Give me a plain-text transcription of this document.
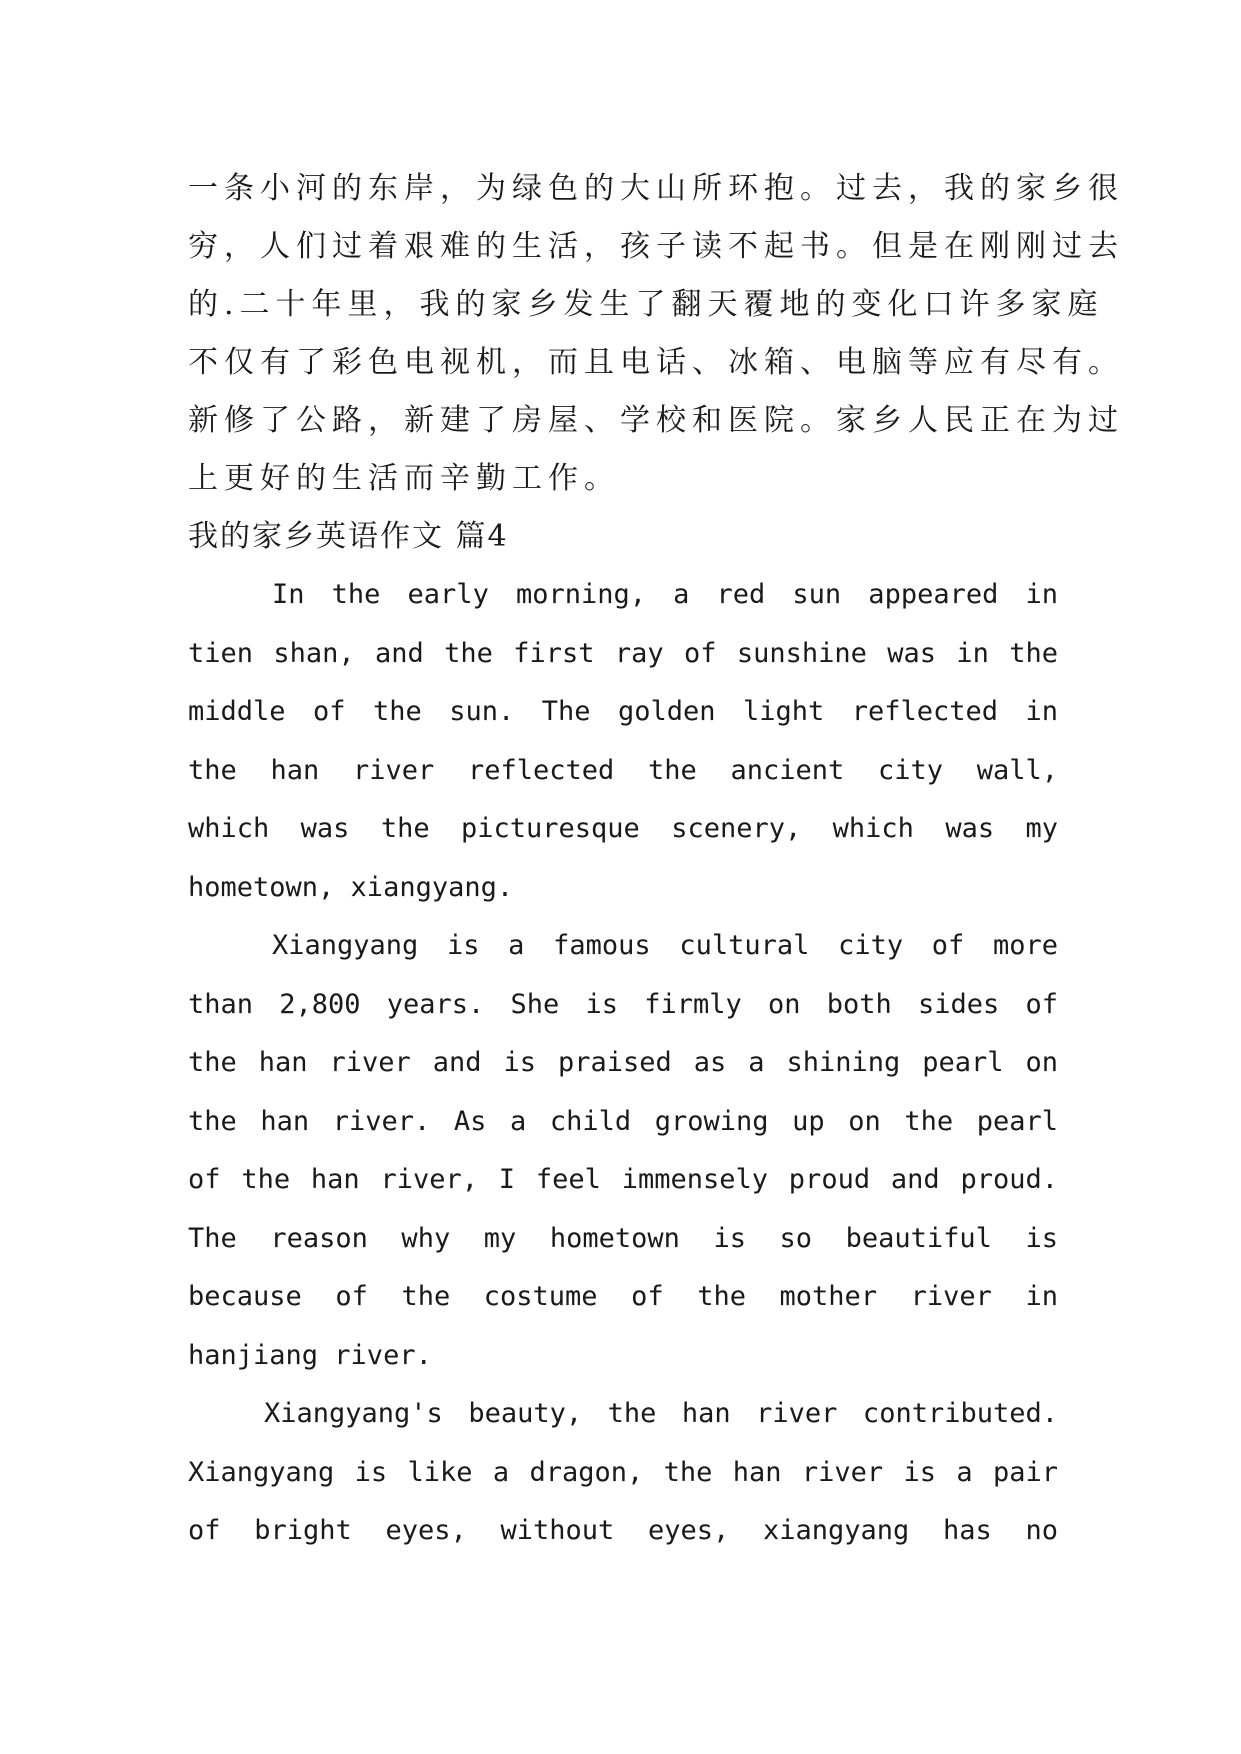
一条小河的东岸，为绿色的大山所环抱。过去，我的家乡很
穷，人们过着艰难的生活，孩子读不起书。但是在刚刚过去
的.二十年里，我的家乡发生了翻天覆地的变化口许多家庭
不仅有了彩色电视机，而且电话、冰箱、电脑等应有尽有。
新修了公路，新建了房屋、学校和医院。家乡人民正在为过
上更好的生活而辛勤工作。
我的家乡英语作文 篇4
In the early morning, a red sun appeared in
tien shan, and the first ray of sunshine was in the
middle of the sun. The golden light reflected in
the han river reflected the ancient city wall,
which was the picturesque scenery, which was my
hometown, xiangyang.
Xiangyang is a famous cultural city of more
than 2,800 years. She is firmly on both sides of
the han river and is praised as a shining pearl on
the han river. As a child growing up on the pearl
of the han river, I feel immensely proud and proud.
The reason why my hometown is so beautiful is
because of the costume of the mother river in
hanjiang river.
Xiangyang's beauty, the han river contributed.
Xiangyang is like a dragon, the han river is a pair
of bright eyes, without eyes, xiangyang has no
